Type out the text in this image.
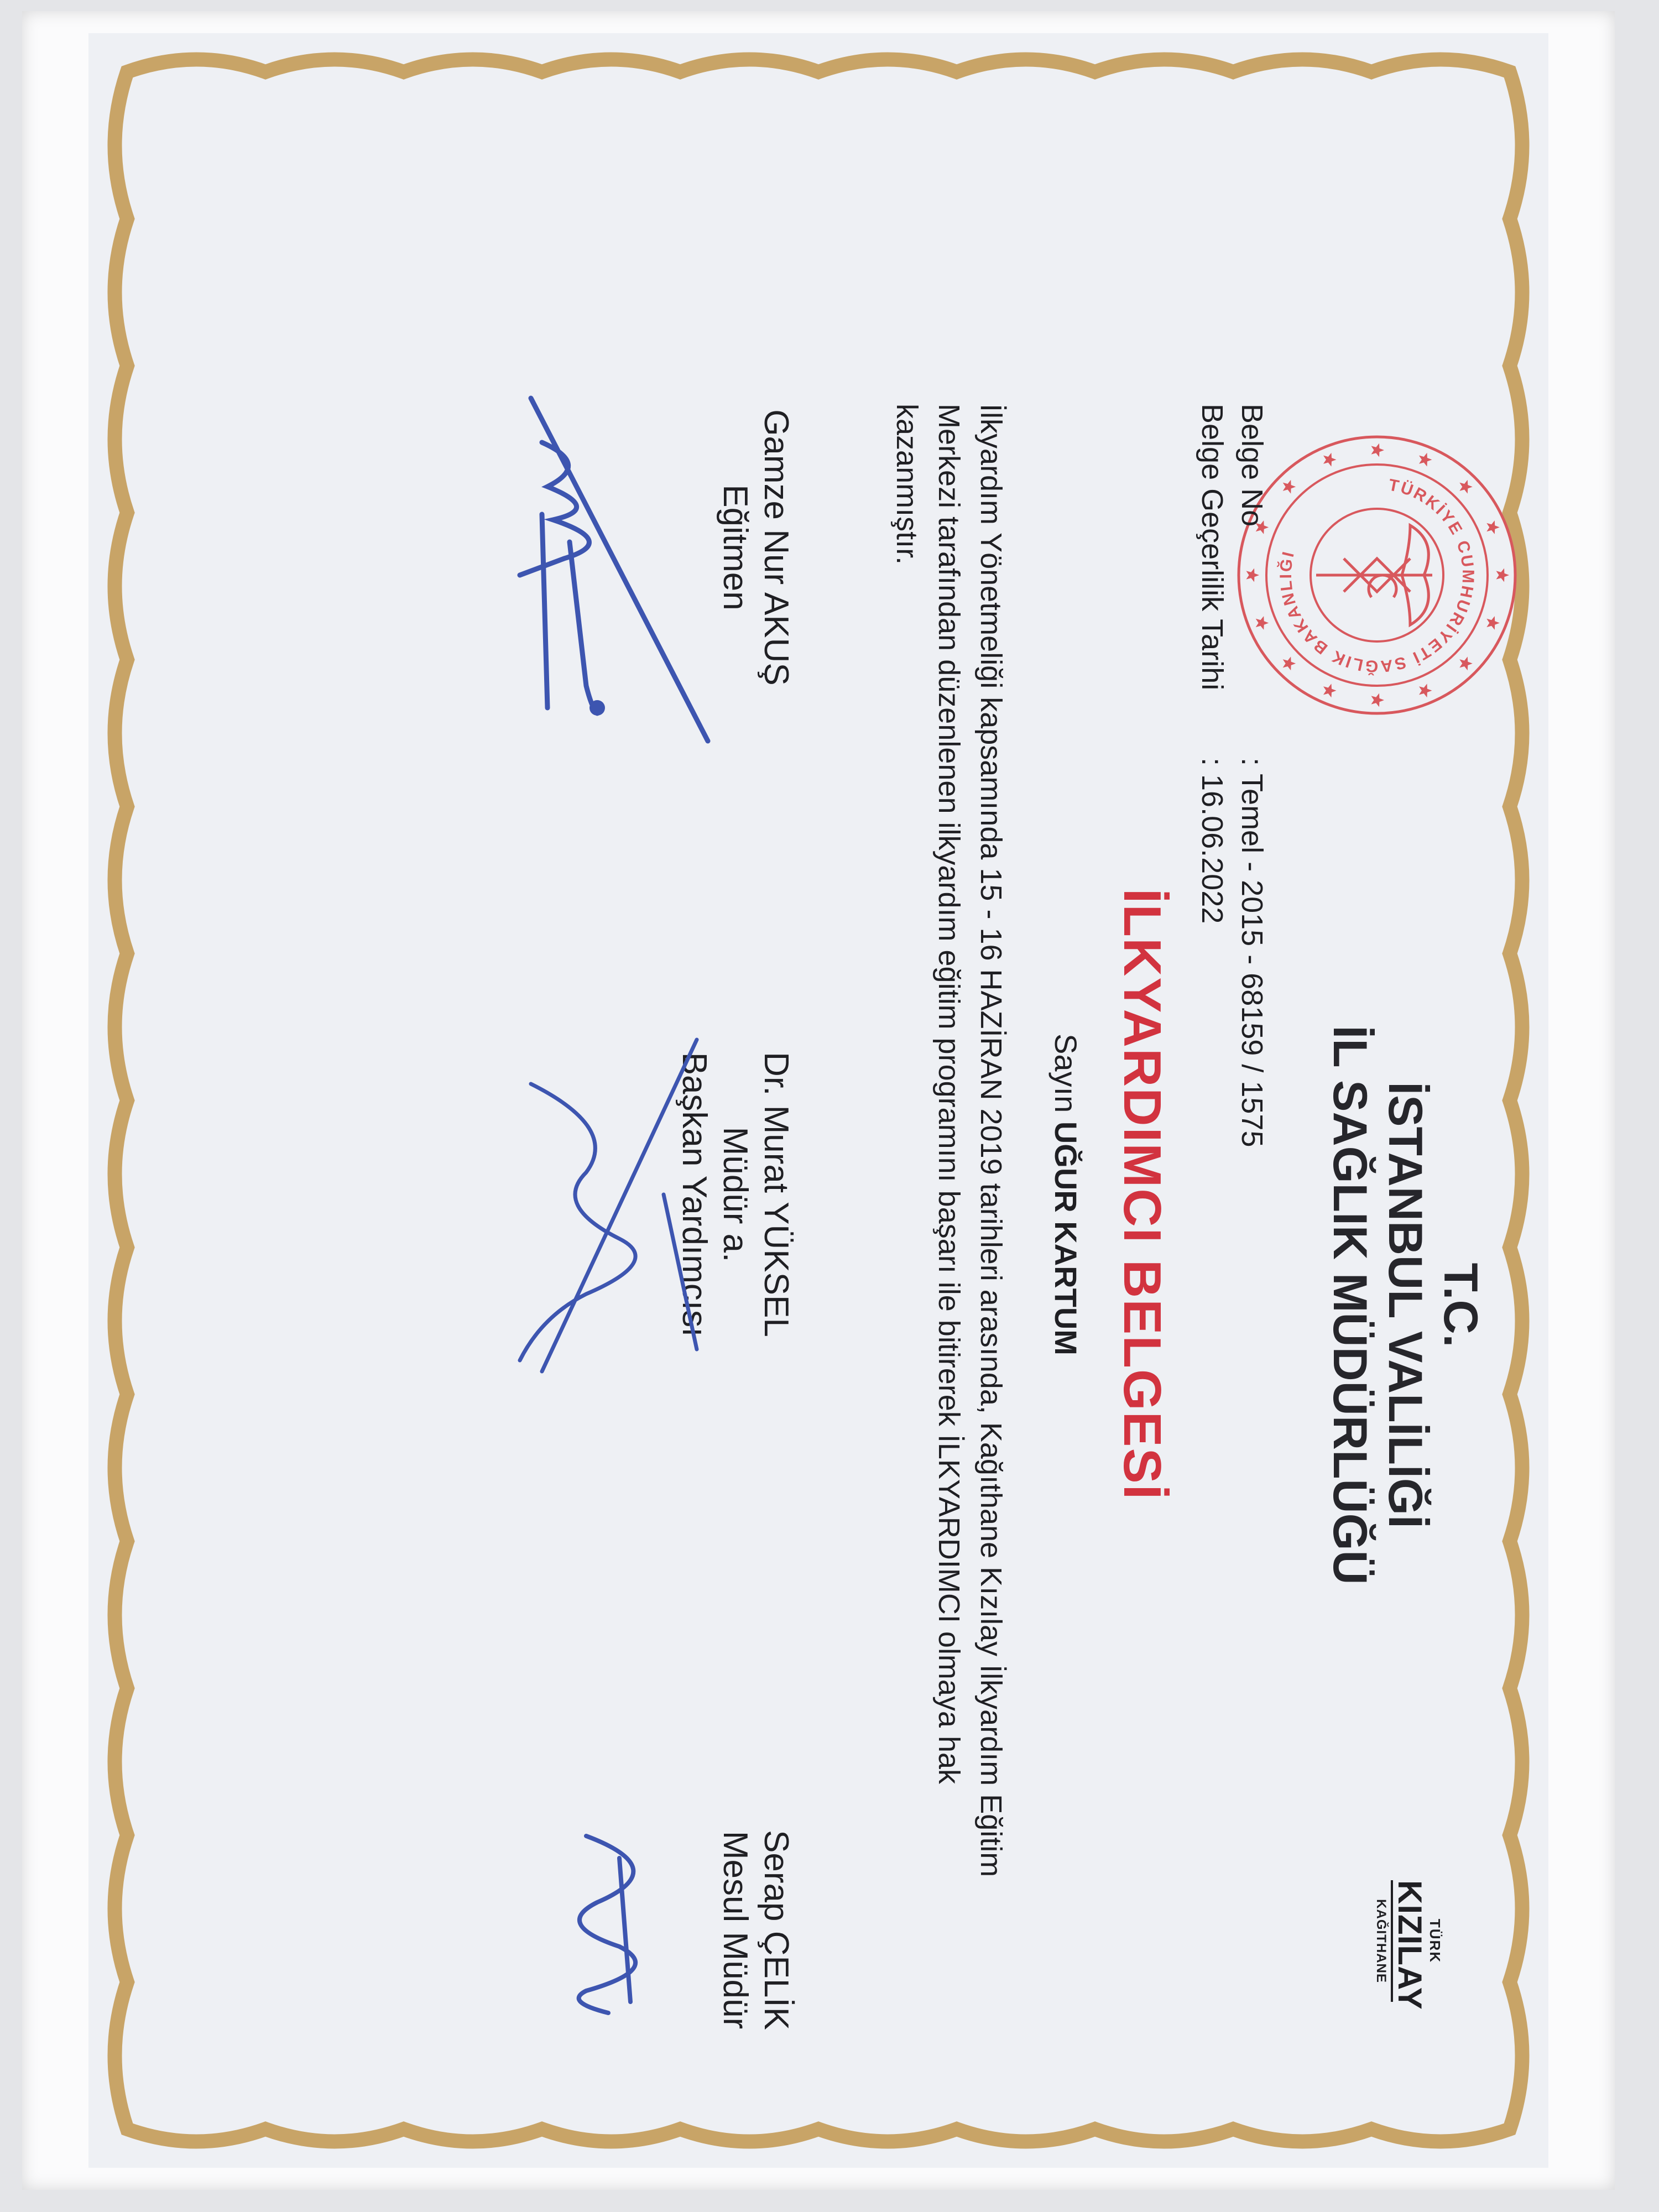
TÜRKİYE CUMHURİYETİ SAĞLIK BAKANLIĞI
TÜRK
KIZILAY
KAĞITHANE
T.C.
İSTANBUL VALİLİĞİ
İL SAĞLIK MÜDÜRLÜĞÜ
Belge No: Temel - 2015 - 68159 / 1575
Belge Geçerlilik Tarihi: 16.06.2022
İLKYARDIMCI BELGESİ
Sayın UĞUR KARTUM
İlkyardım Yönetmeliği kapsamında 15 - 16 HAZİRAN 2019 tarihleri arasında, Kağıthane Kızılay İlkyardım Eğitim Merkezi tarafından düzenlenen ilkyardım eğitim programını başarı ile bitirerek İLKYARDIMCI olmaya hak kazanmıştır.
Gamze Nur AKUŞ
Eğitmen
Dr. Murat YÜKSEL
Müdür a.
Başkan Yardımcısı
Serap ÇELİK
Mesul Müdür
